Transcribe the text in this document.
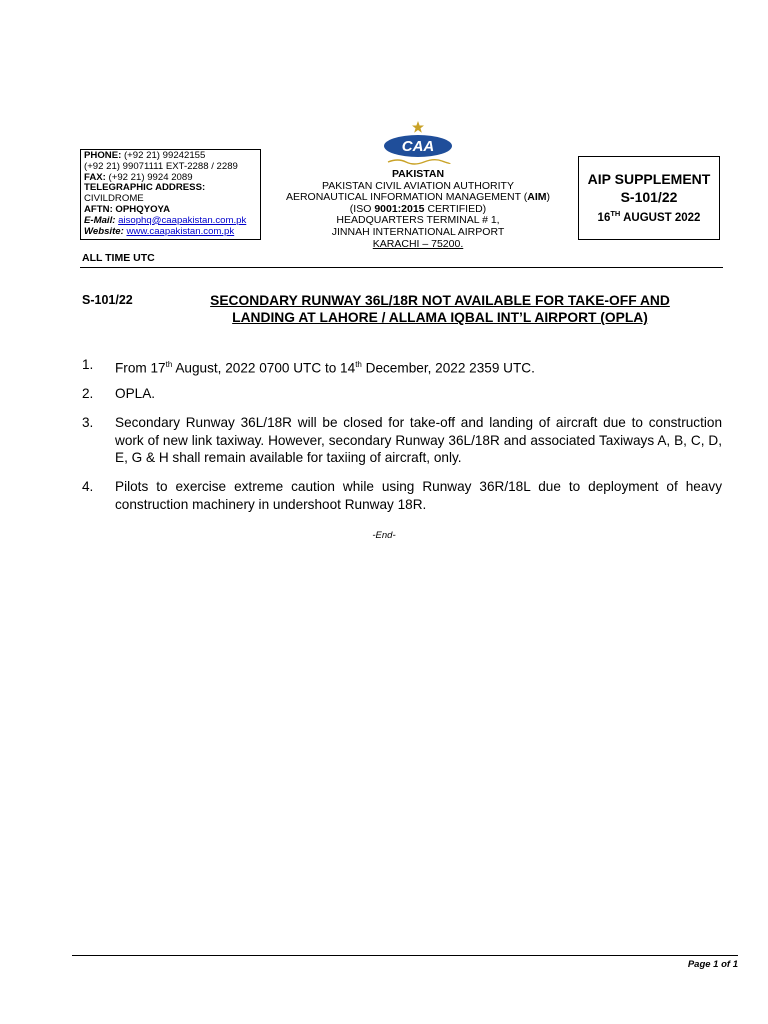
PHONE: (+92 21) 99242155
(+92 21) 99071111 EXT-2288 / 2289
FAX: (+92 21) 9924 2089
TELEGRAPHIC ADDRESS:
CIVILDROME
AFTN: OPHQYOYA
E-Mail: aisophq@caapakistan.com.pk
Website: www.caapakistan.com.pk
CAA
PAKISTAN
PAKISTAN CIVIL AVIATION AUTHORITY
AERONAUTICAL INFORMATION MANAGEMENT (AIM)
(ISO 9001:2015 CERTIFIED)
HEADQUARTERS TERMINAL # 1,
JINNAH INTERNATIONAL AIRPORT
KARACHI – 75200.
AIP SUPPLEMENT
S-101/22
16TH AUGUST 2022
ALL TIME UTC
S-101/22	SECONDARY RUNWAY 36L/18R NOT AVAILABLE FOR TAKE-OFF AND
LANDING AT LAHORE / ALLAMA IQBAL INT’L AIRPORT (OPLA)
1. From 17th August, 2022 0700 UTC to 14th December, 2022 2359 UTC.
2. OPLA.
3. Secondary Runway 36L/18R will be closed for take-off and landing of aircraft due to construction work of new link taxiway. However, secondary Runway 36L/18R and associated Taxiways A, B, C, D, E, G & H shall remain available for taxiing of aircraft, only.
4. Pilots to exercise extreme caution while using Runway 36R/18L due to deployment of heavy construction machinery in undershoot Runway 18R.
-End-
Page 1 of 1
